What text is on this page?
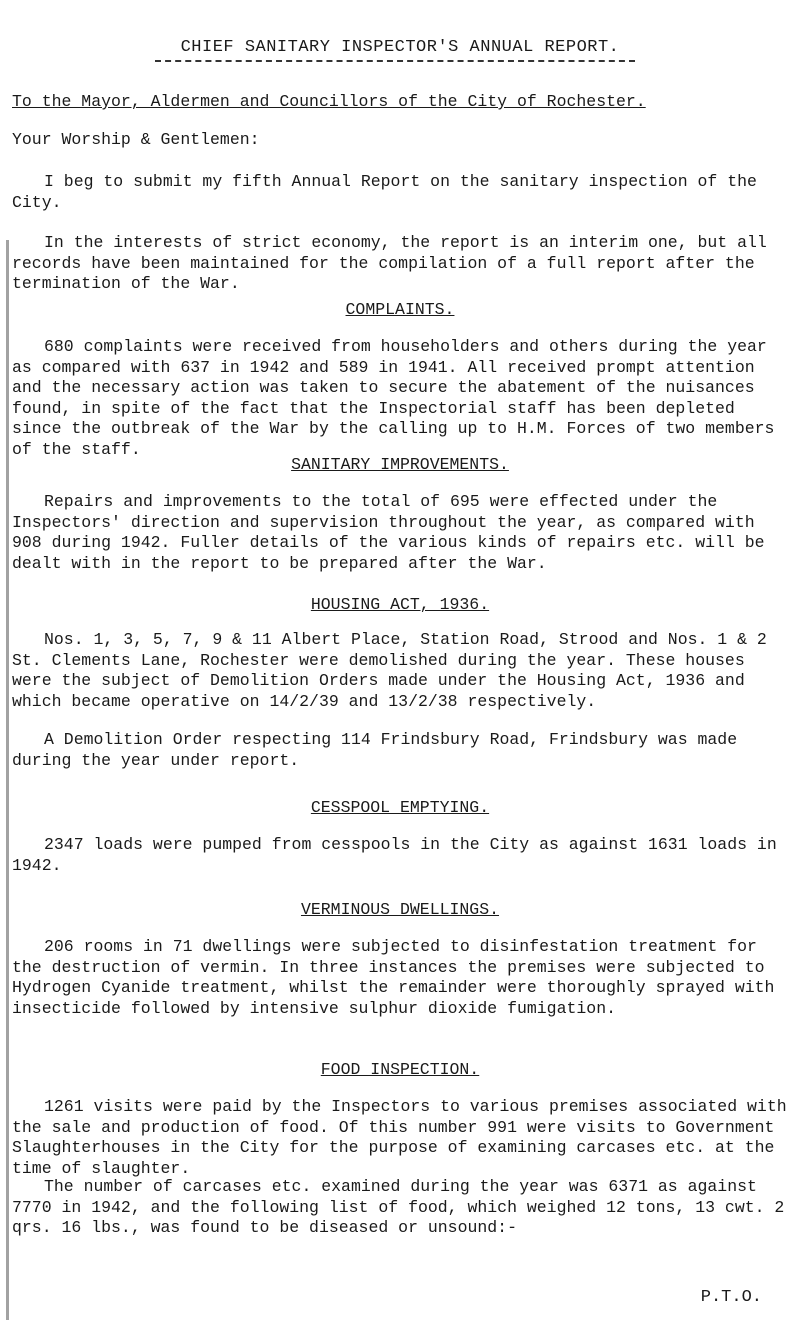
CHIEF SANITARY INSPECTOR'S ANNUAL REPORT.
To the Mayor, Aldermen and Councillors of the City of Rochester.
Your Worship & Gentlemen:
I beg to submit my fifth Annual Report on the sanitary inspection of the City.
In the interests of strict economy, the report is an interim one, but all records have been maintained for the compilation of a full report after the termination of the War.
COMPLAINTS.
680 complaints were received from householders and others during the year as compared with 637 in 1942 and 589 in 1941. All received prompt attention and the necessary action was taken to secure the abatement of the nuisances found, in spite of the fact that the Inspectorial staff has been depleted since the outbreak of the War by the calling up to H.M. Forces of two members of the staff.
SANITARY IMPROVEMENTS.
Repairs and improvements to the total of 695 were effected under the Inspectors' direction and supervision throughout the year, as compared with 908 during 1942. Fuller details of the various kinds of repairs etc. will be dealt with in the report to be prepared after the War.
HOUSING ACT, 1936.
Nos. 1, 3, 5, 7, 9 & 11 Albert Place, Station Road, Strood and Nos. 1 & 2 St. Clements Lane, Rochester were demolished during the year. These houses were the subject of Demolition Orders made under the Housing Act, 1936 and which became operative on 14/2/39 and 13/2/38 respectively.
A Demolition Order respecting 114 Frindsbury Road, Frindsbury was made during the year under report.
CESSPOOL EMPTYING.
2347 loads were pumped from cesspools in the City as against 1631 loads in 1942.
VERMINOUS DWELLINGS.
206 rooms in 71 dwellings were subjected to disinfestation treatment for the destruction of vermin. In three instances the premises were subjected to Hydrogen Cyanide treatment, whilst the remainder were thoroughly sprayed with insecticide followed by intensive sulphur dioxide fumigation.
FOOD INSPECTION.
1261 visits were paid by the Inspectors to various premises associated with the sale and production of food. Of this number 991 were visits to Government Slaughterhouses in the City for the purpose of examining carcases etc. at the time of slaughter.
The number of carcases etc. examined during the year was 6371 as against 7770 in 1942, and the following list of food, which weighed 12 tons, 13 cwt. 2 qrs. 16 lbs., was found to be diseased or unsound:-
P.T.O.
